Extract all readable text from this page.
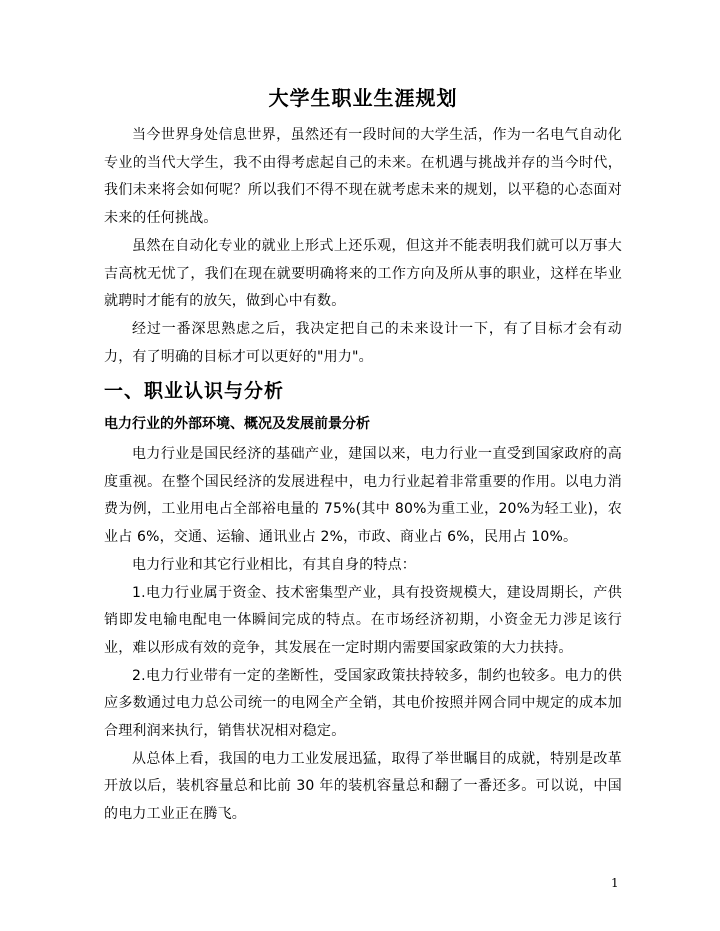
大学生职业生涯规划

当今世界身处信息世界，虽然还有一段时间的大学生活，作为一名电气自动化专业的当代大学生，我不由得考虑起自己的未来。在机遇与挑战并存的当今时代，我们未来将会如何呢？所以我们不得不现在就考虑未来的规划，以平稳的心态面对未来的任何挑战。

虽然在自动化专业的就业上形式上还乐观，但这并不能表明我们就可以万事大吉高枕无忧了，我们在现在就要明确将来的工作方向及所从事的职业，这样在毕业就聘时才能有的放矢，做到心中有数。

经过一番深思熟虑之后，我决定把自己的未来设计一下，有了目标才会有动力，有了明确的目标才可以更好的"用力"。

一、职业认识与分析
电力行业的外部环境、概况及发展前景分析

电力行业是国民经济的基础产业，建国以来，电力行业一直受到国家政府的高度重视。在整个国民经济的发展进程中，电力行业起着非常重要的作用。以电力消费为例，工业用电占全部裕电量的 75%(其中 80%为重工业，20%为轻工业)，农业占 6%，交通、运输、通讯业占 2%，市政、商业占 6%，民用占 10%。

电力行业和其它行业相比，有其自身的特点：

1.电力行业属于资金、技术密集型产业，具有投资规模大，建设周期长，产供销即发电输电配电一体瞬间完成的特点。在市场经济初期，小资金无力涉足该行业，难以形成有效的竞争，其发展在一定时期内需要国家政策的大力扶持。

2.电力行业带有一定的垄断性，受国家政策扶持较多，制约也较多。电力的供应多数通过电力总公司统一的电网全产全销，其电价按照并网合同中规定的成本加合理利润来执行，销售状况相对稳定。

从总体上看，我国的电力工业发展迅猛，取得了举世瞩目的成就，特别是改革开放以后，装机容量总和比前 30 年的装机容量总和翻了一番还多。可以说，中国的电力工业正在腾飞。

1
